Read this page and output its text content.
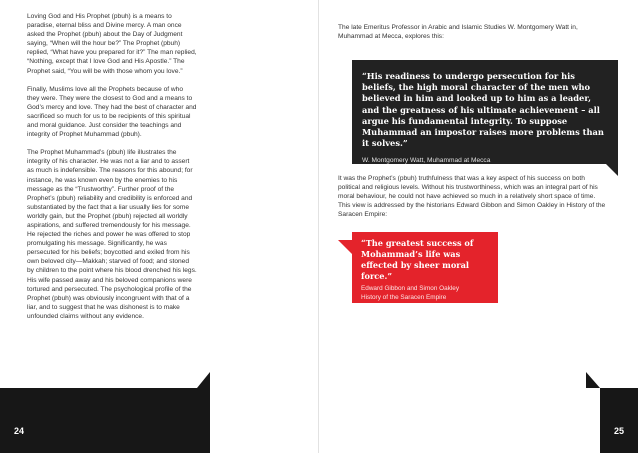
Loving God and His Prophet (pbuh) is a means to paradise, eternal bliss and Divine mercy. A man once asked the Prophet (pbuh) about the Day of Judgment saying, “When will the hour be?” The Prophet (pbuh) replied, “What have you prepared for it?” The man replied, “Nothing, except that I love God and His Apostle.” The Prophet said, “You will be with those whom you love.”

Finally, Muslims love all the Prophets because of who they were. They were the closest to God and a means to God’s mercy and love. They had the best of character and sacrificed so much for us to be recipients of this spiritual and moral guidance. Just consider the teachings and integrity of Prophet Muhammad (pbuh).

The Prophet Muhammad’s (pbuh) life illustrates the integrity of his character. He was not a liar and to assert as much is indefensible. The reasons for this abound; for instance, he was known even by the enemies to his message as the “Trustworthy”. Further proof of the Prophet’s (pbuh) reliability and credibility is enforced and substantiated by the fact that a liar usually lies for some worldly gain, but the Prophet (pbuh) rejected all worldly aspirations, and suffered tremendously for his message. He rejected the riches and power he was offered to stop promulgating his message. Significantly, he was persecuted for his beliefs; boycotted and exiled from his own beloved city—Makkah; starved of food; and stoned by children to the point where his blood drenched his legs. His wife passed away and his beloved companions were tortured and persecuted. The psychological profile of the Prophet (pbuh) was obviously incongruent with that of a liar, and to suggest that he was dishonest is to make unfounded claims without any evidence.

24
The late Emeritus Professor in Arabic and Islamic Studies W. Montgomery Watt in, Muhammad at Mecca, explores this:

“His readiness to undergo persecution for his beliefs, the high moral character of the men who believed in him and looked up to him as a leader, and the greatness of his ultimate achievement – all argue his fundamental integrity. To suppose Muhammad an impostor raises more problems than it solves.”

W. Montgomery Watt, Muhammad at Mecca
It was the Prophet’s (pbuh) truthfulness that was a key aspect of his success on both political and religious levels. Without his trustworthiness, which was an integral part of his moral behaviour, he could not have achieved so much in a relatively short space of time. This view is addressed by the historians Edward Gibbon and Simon Oakley in History of the Saracen Empire:

“The greatest success of Mohammad’s life was effected by sheer moral force.”

Edward Gibbon and Simon Oakley
History of the Saracen Empire
25
